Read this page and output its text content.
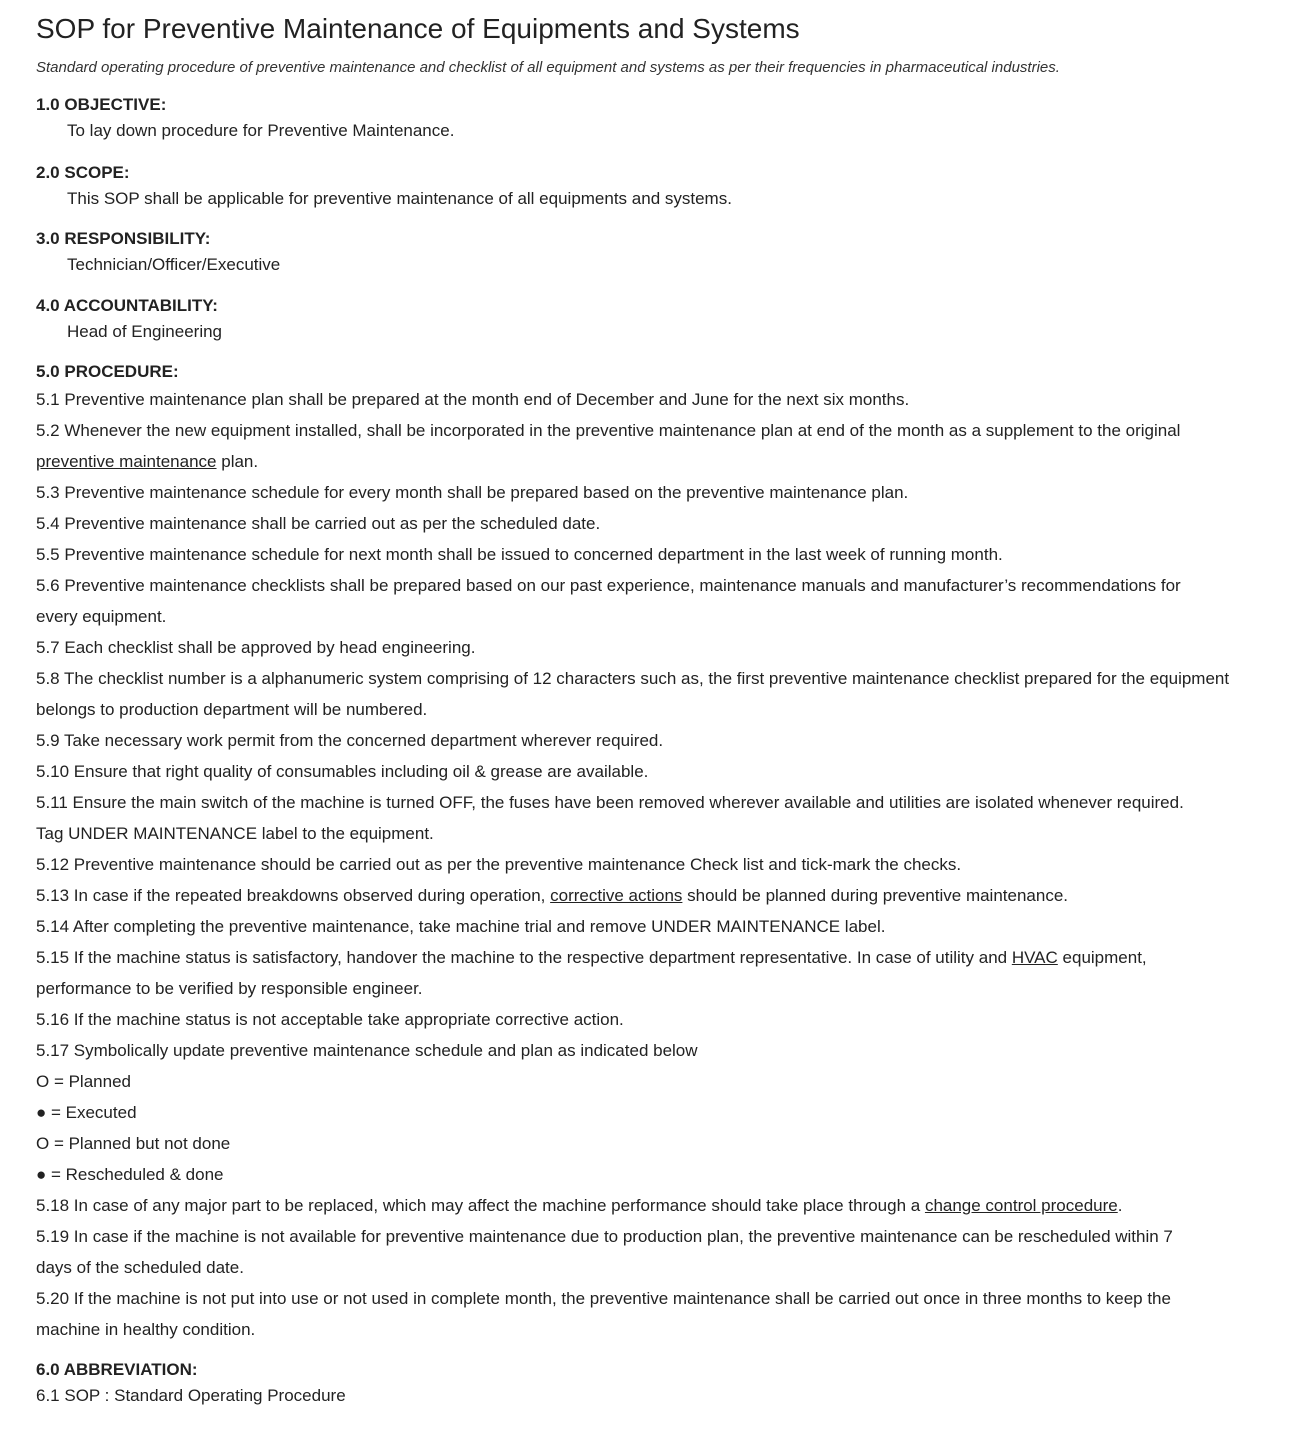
SOP for Preventive Maintenance of Equipments and Systems

Standard operating procedure of preventive maintenance and checklist of all equipment and systems as per their frequencies in pharmaceutical industries.

1.0 OBJECTIVE:

To lay down procedure for Preventive Maintenance.

2.0 SCOPE:

This SOP shall be applicable for preventive maintenance of all equipments and systems.

3.0 RESPONSIBILITY:

Technician/Officer/Executive

4.0 ACCOUNTABILITY:

Head of Engineering

5.0 PROCEDURE:

5.1 Preventive maintenance plan shall be prepared at the month end of December and June for the next six months.

5.2 Whenever the new equipment installed, shall be incorporated in the preventive maintenance plan at end of the month as a supplement to the original

preventive maintenance plan.

5.3 Preventive maintenance schedule for every month shall be prepared based on the preventive maintenance plan.

5.4 Preventive maintenance shall be carried out as per the scheduled date.

5.5 Preventive maintenance schedule for next month shall be issued to concerned department in the last week of running month.

5.6 Preventive maintenance checklists shall be prepared based on our past experience, maintenance manuals and manufacturer’s recommendations for

every equipment.

5.7 Each checklist shall be approved by head engineering.

5.8 The checklist number is a alphanumeric system comprising of 12 characters such as, the first preventive maintenance checklist prepared for the equipment belongs to production department will be numbered.

5.9 Take necessary work permit from the concerned department wherever required.

5.10 Ensure that right quality of consumables including oil & grease are available.

5.11 Ensure the main switch of the machine is turned OFF, the fuses have been removed wherever available and utilities are isolated whenever required.

Tag UNDER MAINTENANCE label to the equipment.

5.12 Preventive maintenance should be carried out as per the preventive maintenance Check list and tick-mark the checks.

5.13 In case if the repeated breakdowns observed during operation, corrective actions should be planned during preventive maintenance.

5.14 After completing the preventive maintenance, take machine trial and remove UNDER MAINTENANCE label.

5.15 If the machine status is satisfactory, handover the machine to the respective department representative. In case of utility and HVAC equipment, performance to be verified by responsible engineer.

5.16 If the machine status is not acceptable take appropriate corrective action.

5.17 Symbolically update preventive maintenance schedule and plan as indicated below

O = Planned

● = Executed

O = Planned but not done

● = Rescheduled & done

5.18 In case of any major part to be replaced, which may affect the machine performance should take place through a change control procedure.

5.19 In case if the machine is not available for preventive maintenance due to production plan, the preventive maintenance can be rescheduled within 7

days of the scheduled date.

5.20 If the machine is not put into use or not used in complete month, the preventive maintenance shall be carried out once in three months to keep the

machine in healthy condition.

6.0 ABBREVIATION:

6.1 SOP : Standard Operating Procedure
